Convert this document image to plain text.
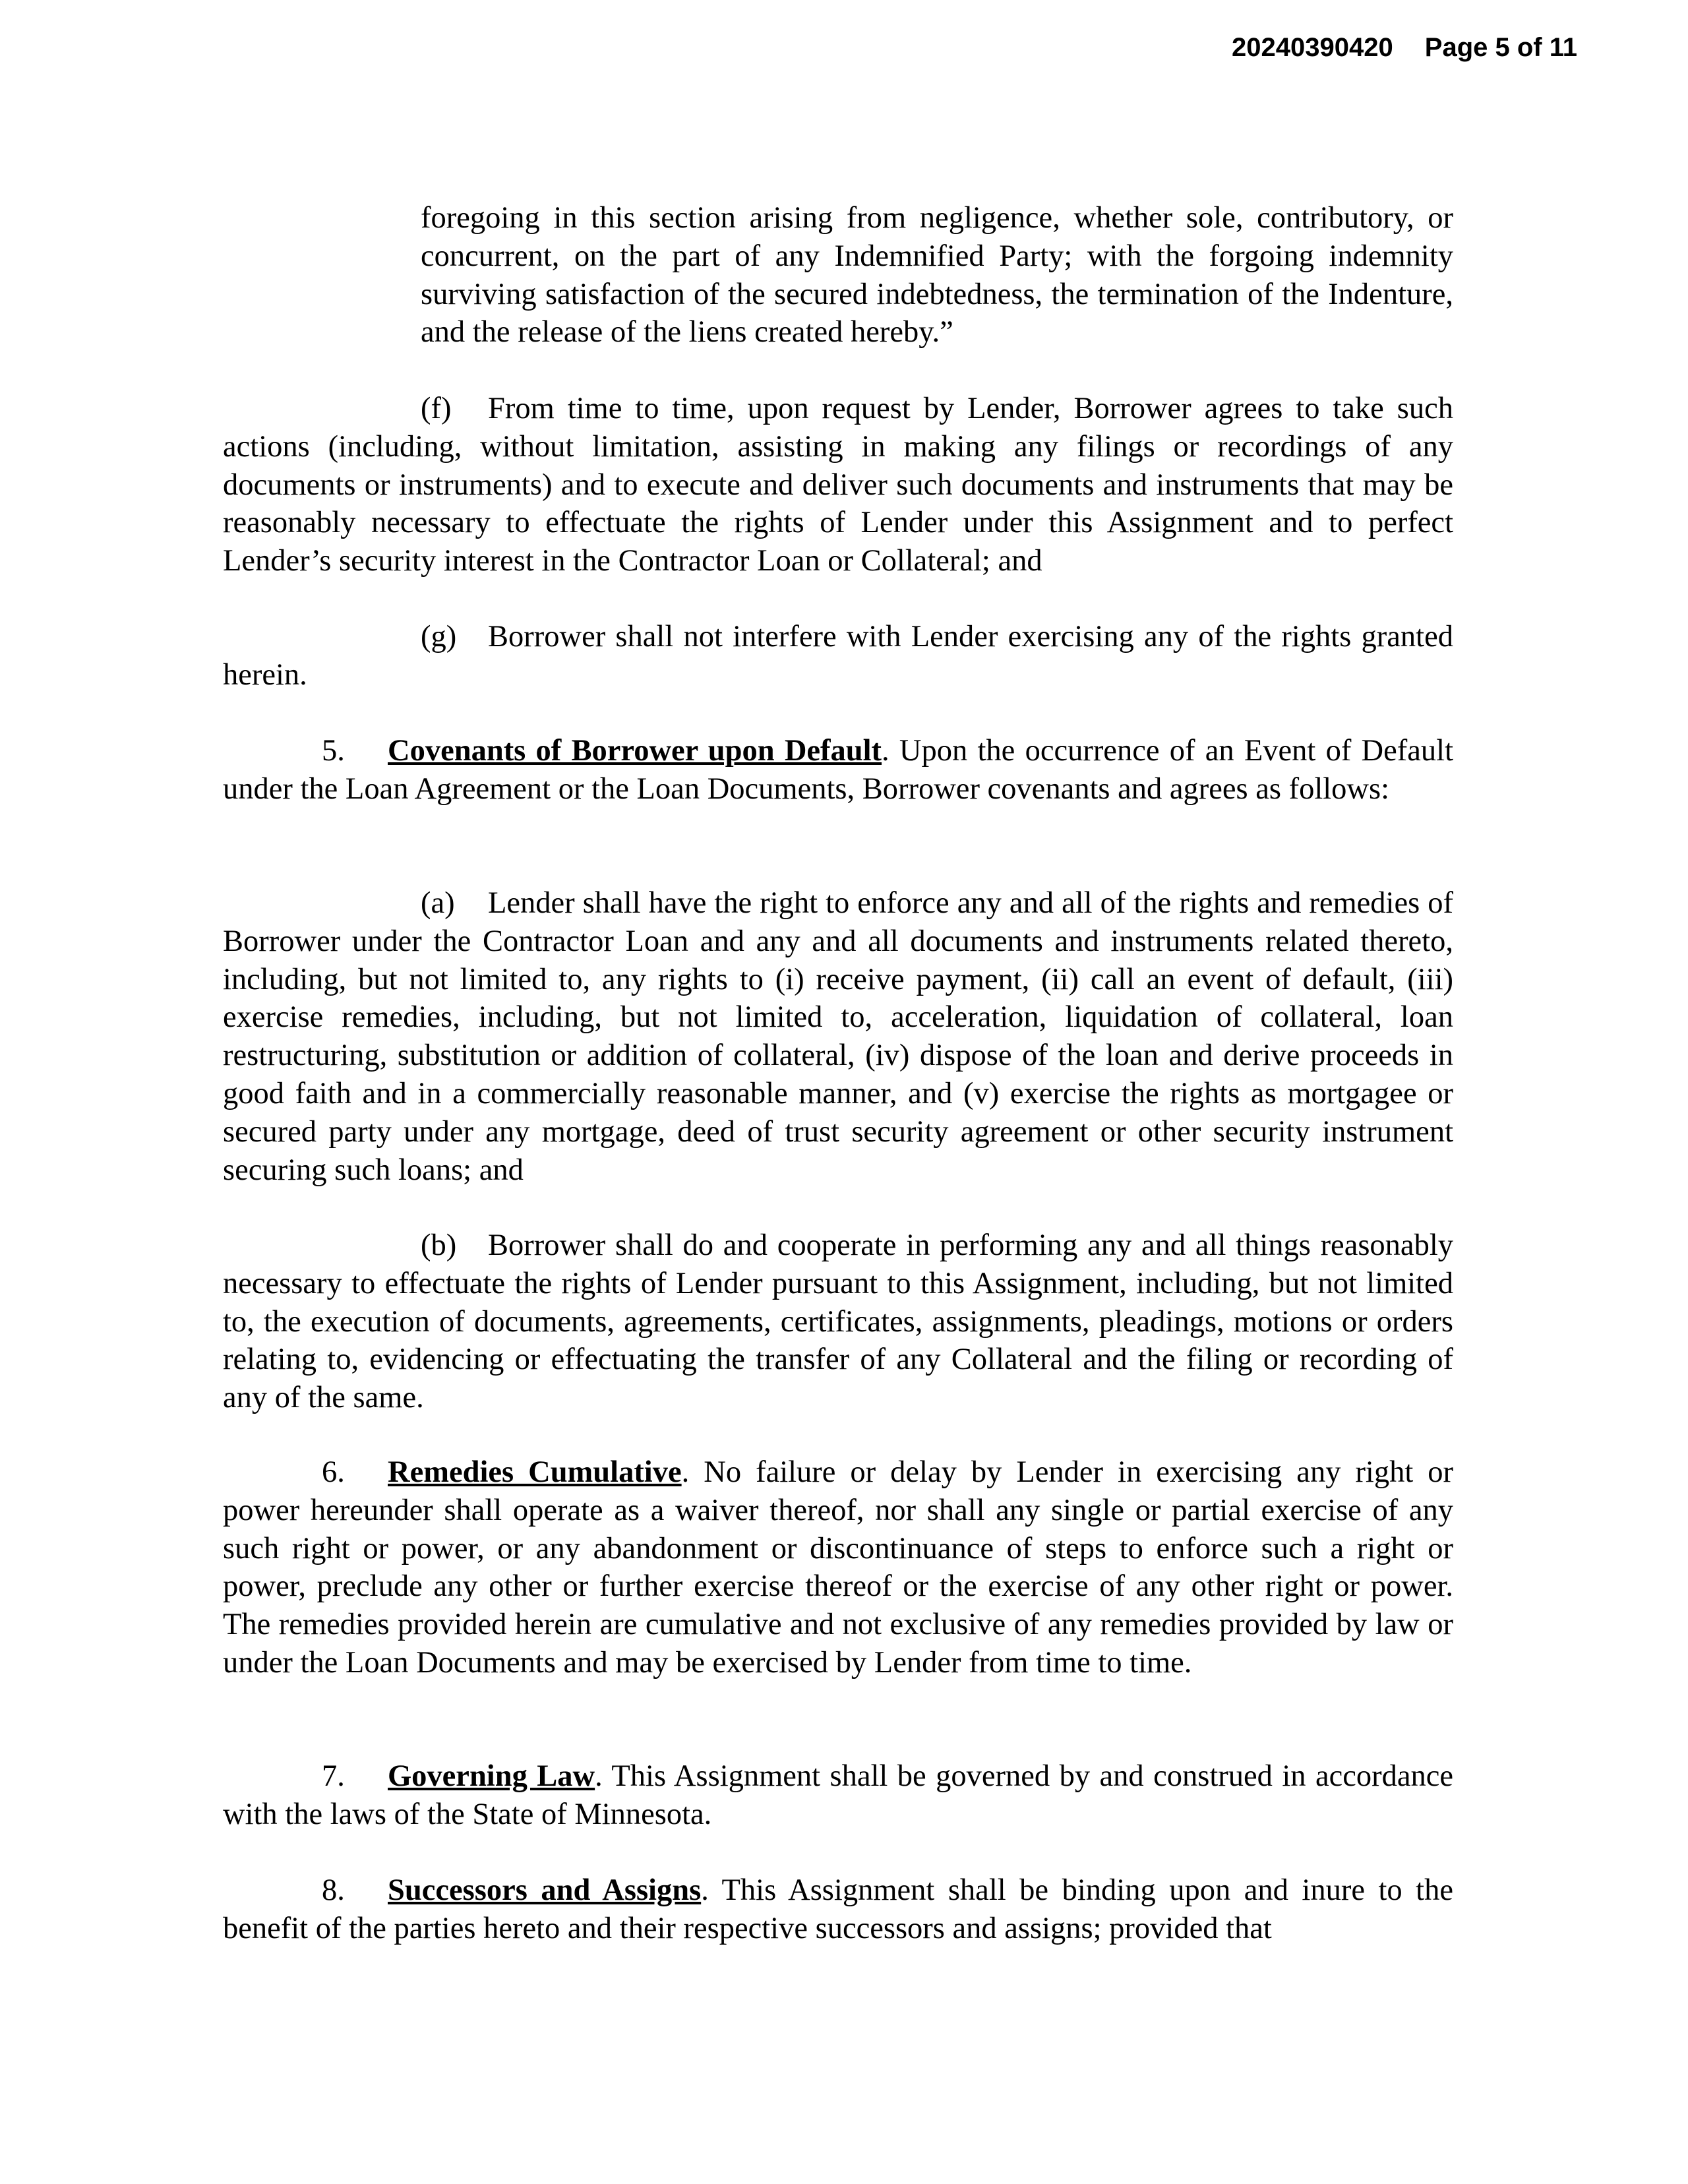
20240390420 Page 5 of 11

foregoing in this section arising from negligence, whether sole, contributory, or concurrent, on the part of any Indemnified Party; with the forgoing indemnity surviving satisfaction of the secured indebtedness, the termination of the Indenture, and the release of the liens created hereby.”

(f) From time to time, upon request by Lender, Borrower agrees to take such actions (including, without limitation, assisting in making any filings or recordings of any documents or instruments) and to execute and deliver such documents and instruments that may be reasonably necessary to effectuate the rights of Lender under this Assignment and to perfect Lender’s security interest in the Contractor Loan or Collateral; and

(g) Borrower shall not interfere with Lender exercising any of the rights granted herein.

5. Covenants of Borrower upon Default. Upon the occurrence of an Event of Default under the Loan Agreement or the Loan Documents, Borrower covenants and agrees as follows:

(a) Lender shall have the right to enforce any and all of the rights and remedies of Borrower under the Contractor Loan and any and all documents and instruments related thereto, including, but not limited to, any rights to (i) receive payment, (ii) call an event of default, (iii) exercise remedies, including, but not limited to, acceleration, liquidation of collateral, loan restructuring, substitution or addition of collateral, (iv) dispose of the loan and derive proceeds in good faith and in a commercially reasonable manner, and (v) exercise the rights as mortgagee or secured party under any mortgage, deed of trust security agreement or other security instrument securing such loans; and

(b) Borrower shall do and cooperate in performing any and all things reasonably necessary to effectuate the rights of Lender pursuant to this Assignment, including, but not limited to, the execution of documents, agreements, certificates, assignments, pleadings, motions or orders relating to, evidencing or effectuating the transfer of any Collateral and the filing or recording of any of the same.

6. Remedies Cumulative. No failure or delay by Lender in exercising any right or power hereunder shall operate as a waiver thereof, nor shall any single or partial exercise of any such right or power, or any abandonment or discontinuance of steps to enforce such a right or power, preclude any other or further exercise thereof or the exercise of any other right or power. The remedies provided herein are cumulative and not exclusive of any remedies provided by law or under the Loan Documents and may be exercised by Lender from time to time.

7. Governing Law. This Assignment shall be governed by and construed in accordance with the laws of the State of Minnesota.

8. Successors and Assigns. This Assignment shall be binding upon and inure to the benefit of the parties hereto and their respective successors and assigns; provided that
